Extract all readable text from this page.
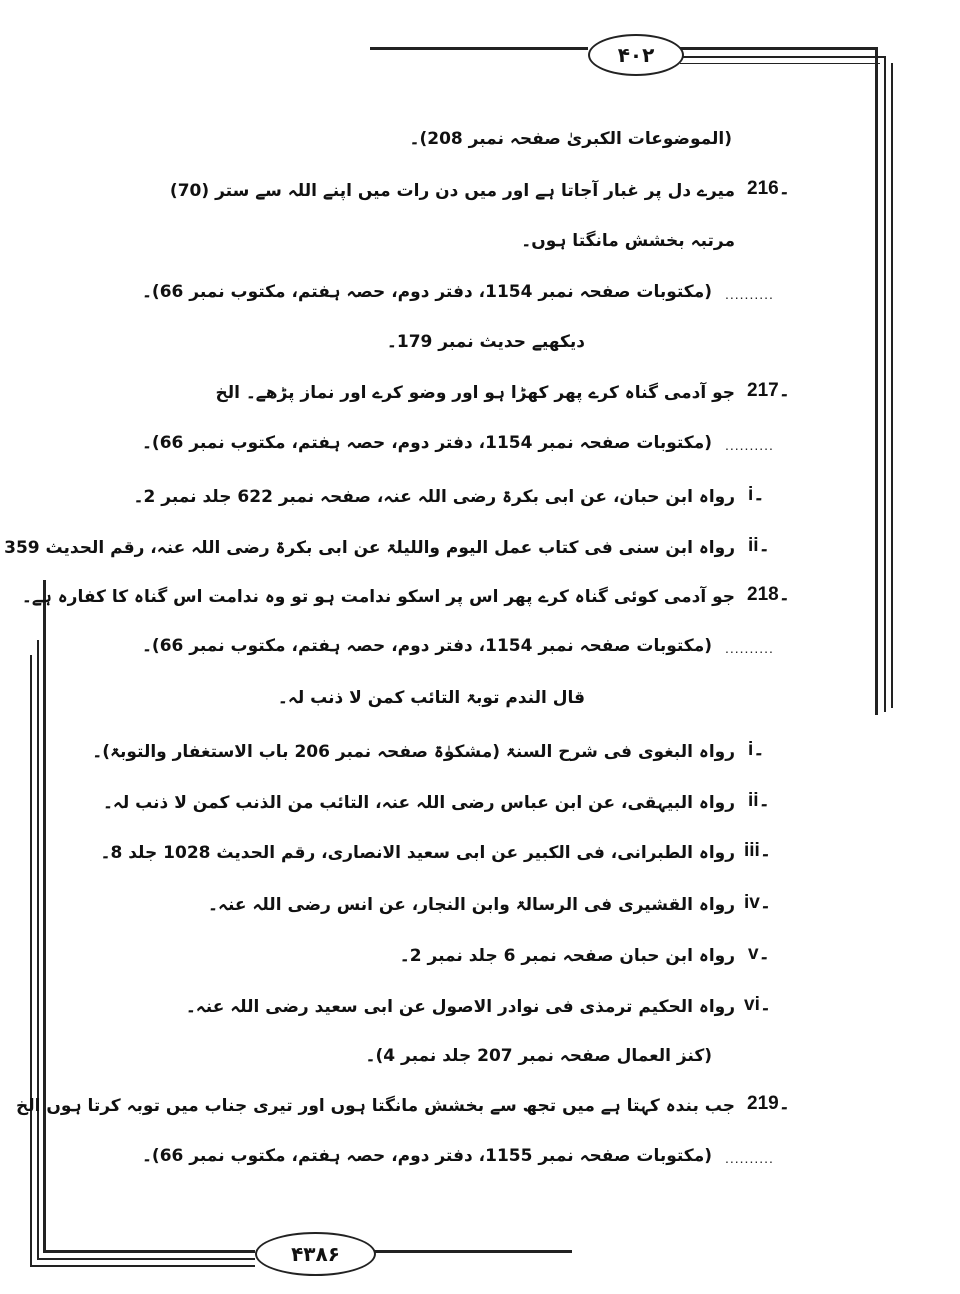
۴۰۲
۴۳۸۶
216۔
217۔
218۔
219۔
i۔
ii۔
i۔
ii۔
iii۔
iv۔
v۔
vi۔
..........
..........
..........
..........
(الموضوعات الکبریٰ صفحہ نمبر 208)۔
میرے دل پر غبار آجاتا ہے اور میں دن رات میں اپنے اللہ سے ستر (70)
مرتبہ بخشش مانگتا ہوں۔
(مکتوبات صفحہ نمبر 1154، دفتر دوم، حصہ ہفتم، مکتوب نمبر 66)۔
دیکھیے حدیث نمبر 179۔
جو آدمی گناہ کرے پھر کھڑا ہو اور وضو کرے اور نماز پڑھے۔ الخ
(مکتوبات صفحہ نمبر 1154، دفتر دوم، حصہ ہفتم، مکتوب نمبر 66)۔
رواہ ابن حبان، عن ابی بکرۃ رضی اللہ عنہ، صفحہ نمبر 622 جلد نمبر 2۔
رواہ ابن سنی فی کتاب عمل الیوم واللیلۃ عن ابی بکرۃ رضی اللہ عنہ، رقم الحدیث 359
جو آدمی کوئی گناہ کرے پھر اس پر اسکو ندامت ہو تو وہ ندامت اس گناہ کا کفارہ ہے۔
(مکتوبات صفحہ نمبر 1154، دفتر دوم، حصہ ہفتم، مکتوب نمبر 66)۔
قال الندم توبۃ التائب کمن لا ذنب لہ۔
رواہ البغوی فی شرح السنۃ (مشکوٰۃ صفحہ نمبر 206 باب الاستغفار والتوبۃ)۔
رواہ البیہقی، عن ابن عباس رضی اللہ عنہ، التائب من الذنب کمن لا ذنب لہ۔
رواہ الطبرانی، فی الکبیر عن ابی سعید الانصاری، رقم الحدیث 1028 جلد 8۔
رواہ القشیری فی الرسالۃ وابن النجار، عن انس رضی اللہ عنہ۔
رواہ ابن حبان صفحہ نمبر 6 جلد نمبر 2۔
رواہ الحکیم ترمذی فی نوادر الاصول عن ابی سعید رضی اللہ عنہ۔
(کنز العمال صفحہ نمبر 207 جلد نمبر 4)۔
جب بندہ کہتا ہے میں تجھ سے بخشش مانگتا ہوں اور تیری جناب میں توبہ کرتا ہوں الخ
(مکتوبات صفحہ نمبر 1155، دفتر دوم، حصہ ہفتم، مکتوب نمبر 66)۔
